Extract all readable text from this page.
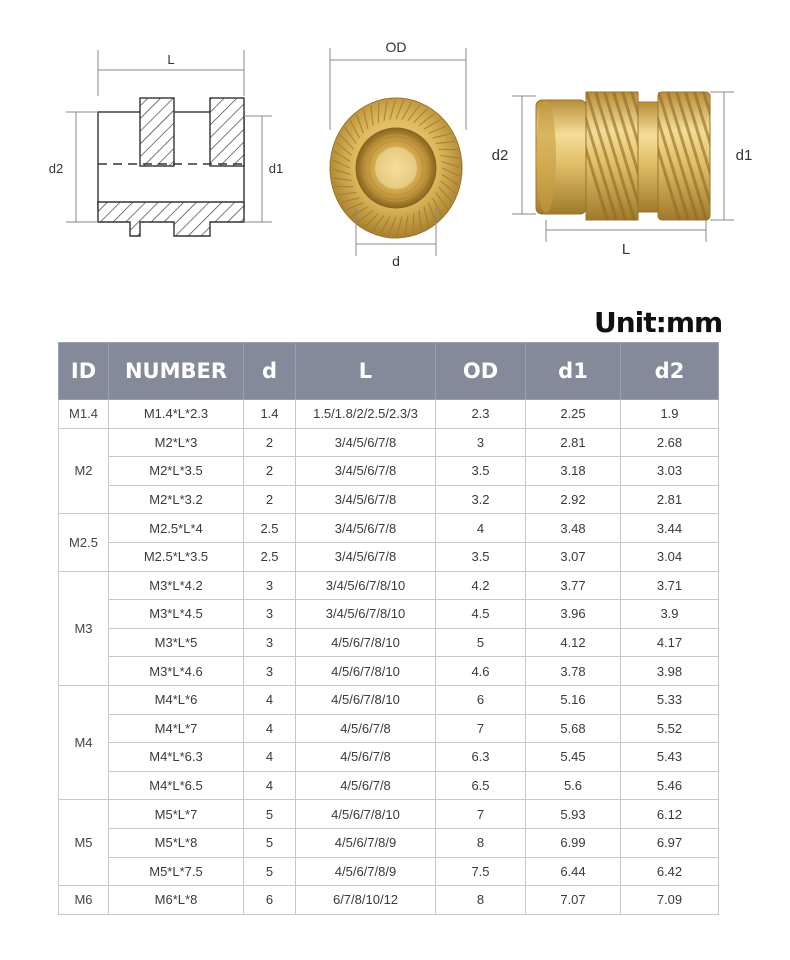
L
d2	d1
OD
d
d2	d1
L
Unit:mm
ID	NUMBER	d	L	OD	d1	d2
M1.4	M1.4*L*2.3	1.4	1.5/1.8/2/2.5/2.3/3	2.3	2.25	1.9
M2	M2*L*3	2	3/4/5/6/7/8	3	2.81	2.68
	M2*L*3.5	2	3/4/5/6/7/8	3.5	3.18	3.03
	M2*L*3.2	2	3/4/5/6/7/8	3.2	2.92	2.81
M2.5	M2.5*L*4	2.5	3/4/5/6/7/8	4	3.48	3.44
	M2.5*L*3.5	2.5	3/4/5/6/7/8	3.5	3.07	3.04
M3	M3*L*4.2	3	3/4/5/6/7/8/10	4.2	3.77	3.71
	M3*L*4.5	3	3/4/5/6/7/8/10	4.5	3.96	3.9
	M3*L*5	3	4/5/6/7/8/10	5	4.12	4.17
	M3*L*4.6	3	4/5/6/7/8/10	4.6	3.78	3.98
M4	M4*L*6	4	4/5/6/7/8/10	6	5.16	5.33
	M4*L*7	4	4/5/6/7/8	7	5.68	5.52
	M4*L*6.3	4	4/5/6/7/8	6.3	5.45	5.43
	M4*L*6.5	4	4/5/6/7/8	6.5	5.6	5.46
M5	M5*L*7	5	4/5/6/7/8/10	7	5.93	6.12
	M5*L*8	5	4/5/6/7/8/9	8	6.99	6.97
	M5*L*7.5	5	4/5/6/7/8/9	7.5	6.44	6.42
M6	M6*L*8	6	6/7/8/10/12	8	7.07	7.09
